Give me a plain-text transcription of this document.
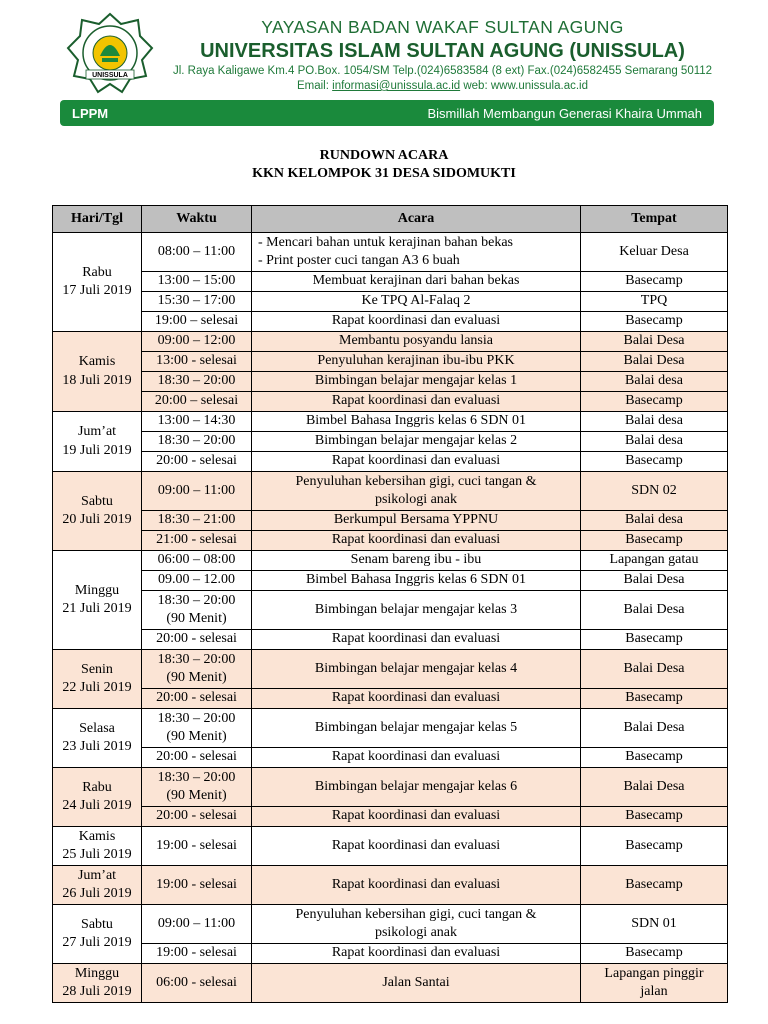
UNISSULA
YAYASAN BADAN WAKAF SULTAN AGUNG
UNIVERSITAS ISLAM SULTAN AGUNG (UNISSULA)
Jl. Raya Kaligawe Km.4 PO.Box. 1054/SM Telp.(024)6583584 (8 ext) Fax.(024)6582455 Semarang 50112
Email: informasi@unissula.ac.id web: www.unissula.ac.id
LPPM	Bismillah Membangun Generasi Khaira Ummah
RUNDOWN ACARA
KKN KELOMPOK 31 DESA SIDOMUKTI
Hari/Tgl	Waktu	Acara	Tempat
Rabu
17 Juli 2019	08:00 – 11:00	- Mencari bahan untuk kerajinan bahan bekas
- Print poster cuci tangan A3 6 buah	Keluar Desa
	13:00 – 15:00	Membuat kerajinan dari bahan bekas	Basecamp
	15:30 – 17:00	Ke TPQ Al-Falaq 2	TPQ
	19:00 – selesai	Rapat koordinasi dan evaluasi	Basecamp
Kamis
18 Juli 2019	09:00 – 12:00	Membantu posyandu lansia	Balai Desa
	13:00 - selesai	Penyuluhan kerajinan ibu-ibu PKK	Balai Desa
	18:30 – 20:00	Bimbingan belajar mengajar kelas 1	Balai desa
	20:00 – selesai	Rapat koordinasi dan evaluasi	Basecamp
Jum’at
19 Juli 2019	13:00 – 14:30	Bimbel Bahasa Inggris kelas 6 SDN 01	Balai desa
	18:30 – 20:00	Bimbingan belajar mengajar kelas 2	Balai desa
	20:00 - selesai	Rapat koordinasi dan evaluasi	Basecamp
Sabtu
20 Juli 2019	09:00 – 11:00	Penyuluhan kebersihan gigi, cuci tangan &
psikologi anak	SDN 02
	18:30 – 21:00	Berkumpul Bersama YPPNU	Balai desa
	21:00 - selesai	Rapat koordinasi dan evaluasi	Basecamp
Minggu
21 Juli 2019	06:00 – 08:00	Senam bareng ibu - ibu	Lapangan gatau
	09.00 – 12.00	Bimbel Bahasa Inggris kelas 6 SDN 01	Balai Desa
	18:30 – 20:00
(90 Menit)	Bimbingan belajar mengajar kelas 3	Balai Desa
	20:00 - selesai	Rapat koordinasi dan evaluasi	Basecamp
Senin
22 Juli 2019	18:30 – 20:00
(90 Menit)	Bimbingan belajar mengajar kelas 4	Balai Desa
	20:00 - selesai	Rapat koordinasi dan evaluasi	Basecamp
Selasa
23 Juli 2019	18:30 – 20:00
(90 Menit)	Bimbingan belajar mengajar kelas 5	Balai Desa
	20:00 - selesai	Rapat koordinasi dan evaluasi	Basecamp
Rabu
24 Juli 2019	18:30 – 20:00
(90 Menit)	Bimbingan belajar mengajar kelas 6	Balai Desa
	20:00 - selesai	Rapat koordinasi dan evaluasi	Basecamp
Kamis
25 Juli 2019	19:00 - selesai	Rapat koordinasi dan evaluasi	Basecamp
Jum’at
26 Juli 2019	19:00 - selesai	Rapat koordinasi dan evaluasi	Basecamp
Sabtu
27 Juli 2019	09:00 – 11:00	Penyuluhan kebersihan gigi, cuci tangan &
psikologi anak	SDN 01
	19:00 - selesai	Rapat koordinasi dan evaluasi	Basecamp
Minggu
28 Juli 2019	06:00 - selesai	Jalan Santai	Lapangan pinggir
jalan
